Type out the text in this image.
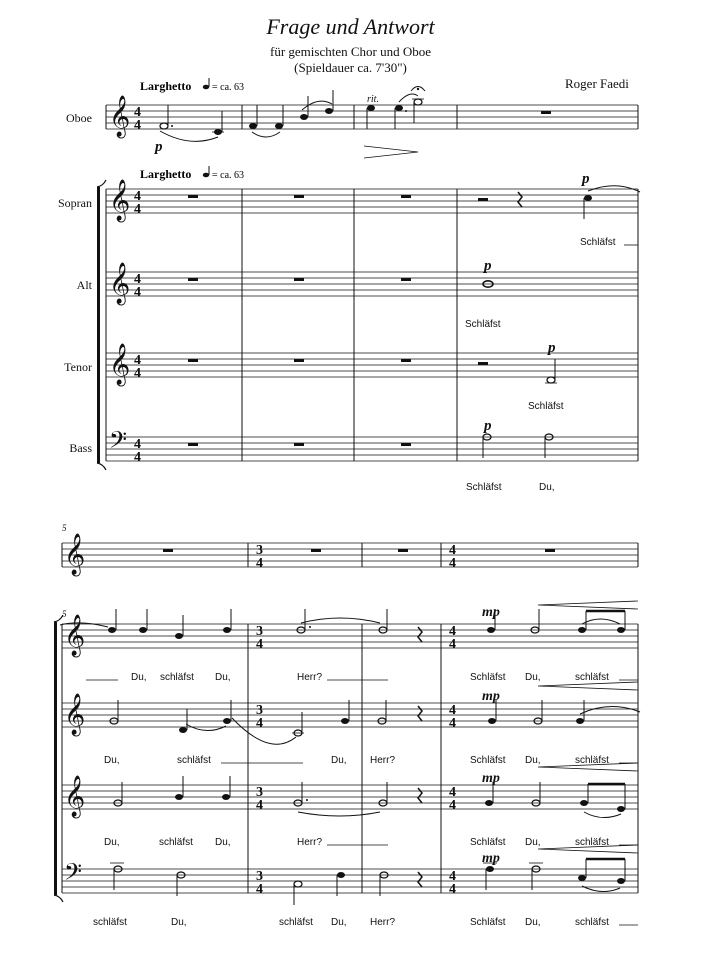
Frage und Antwort
für gemischten Chor und Oboe
(Spieldauer ca. 7'30")
Roger Faedi
Oboe
Sopran
Alt
Tenor
Bass
Larghetto = ca. 63
Larghetto = ca. 63
𝄞
𝄞
𝄞
𝄞
𝄢
4
4
4
4
4
4
4
4
4
4
rit.
p
p
p
p
p
Schläfst
Schläfst
Schläfst
Schläfst	Du,
5
5
𝄞
𝄞
𝄞
𝄞
𝄢
3
4
4
4
3
4
4
4
3
4
4
4
3
4
4
4
3
4
4
4
mp
mp
mp
mp
Du, schläfst Du,	Herr?	Schläfst Du,	schläfst
Du,	schläfst	Du, Herr?	Schläfst Du,	schläfst
Du,	schläfst Du,	Herr?	Schläfst Du,	schläfst
schläfst	Du,	schläfst Du, Herr?	Schläfst Du,	schläfst
